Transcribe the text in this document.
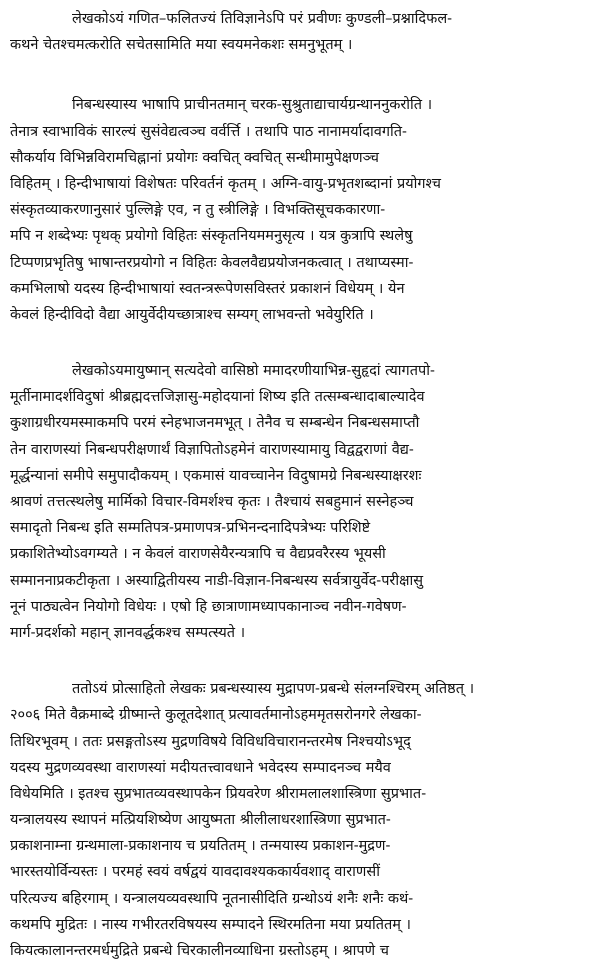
लेखकोऽयं गणित–फलितज्यं तिविज्ञानेऽपि परं प्रवीणः कुण्डली–प्रश्नादिफल-
कथने चेतश्चमत्करोति सचेतसामिति मया स्वयमनेकशः समनुभूतम् ।
निबन्धस्यास्य भाषापि प्राचीनतमान् चरक-सुश्रुताद्याचार्यग्रन्थाननुकरोति ।
तेनात्र स्वाभाविकं सारल्यं सुसंवेद्यत्वञ्च वर्वर्त्ति । तथापि पाठ नानामर्यादावगति-
सौकर्याय विभिन्नविरामचिह्नानां प्रयोगः क्वचित् क्वचित् सन्धीमामुपेक्षणञ्च
विहितम् । हिन्दीभाषायां विशेषतः परिवर्तनं कृतम् । अग्नि-वायु-प्रभृतशब्दानां प्रयोगश्च
संस्कृतव्याकरणानुसारं पुल्लिङ्गे एव, न तु स्त्रीलिङ्गे । विभक्तिसूचककारणा-
मपि न शब्देभ्यः पृथक् प्रयोगो विहितः संस्कृतनियममनुसृत्य । यत्र कुत्रापि स्थलेषु
टिप्पणप्रभृतिषु भाषान्तरप्रयोगो न विहितः केवलवैद्यप्रयोजनकत्वात् । तथाप्यस्मा-
कमभिलाषो यदस्य हिन्दीभाषायां स्वतन्त्ररूपेणसविस्तरं प्रकाशनं विधेयम् । येन
केवलं हिन्दीविदो वैद्या आयुर्वेदीयच्छात्राश्च सम्यग् लाभवन्तो भवेयुरिति ।
लेखकोऽयमायुष्मान् सत्यदेवो वासिष्ठो ममादरणीयाभिन्न-सुहृदां त्यागतपो-
मूर्तीनामादर्शविदुषां श्रीब्रह्मदत्तजिज्ञासु-महोदयानां शिष्य इति तत्सम्बन्धादाबाल्यादेव
कुशाग्रधीरयमस्माकमपि परमं स्नेहभाजनमभूत् । तेनैव च सम्बन्धेन निबन्धसमाप्तौ
तेन वाराणस्यां निबन्धपरीक्षणार्थं विज्ञापितोऽहमेनं वाराणस्यामायु विद्वद्वराणां वैद्य-
मूर्द्धन्यानां समीपे समुपादौकयम् । एकमासं यावच्चानेन विदुषामग्रे निबन्धस्याक्षरशः
श्रावणं तत्तत्स्थलेषु मार्मिको विचार-विमर्शश्च कृतः । तैश्चायं सबहुमानं सस्नेहञ्च
समादृतो निबन्ध इति सम्मतिपत्र-प्रमाणपत्र-प्रभिनन्दनादिपत्रेभ्यः परिशिष्टे
प्रकाशितेभ्योऽवगम्यते । न केवलं वाराणसेयैरन्यत्रापि च वैद्यप्रवरैरस्य भूयसी
सम्माननाप्रकटीकृता । अस्याद्वितीयस्य नाडी-विज्ञान-निबन्धस्य सर्वत्रायुर्वेद-परीक्षासु
नूनं पाठ्यत्वेन नियोगो विधेयः । एषो हि छात्राणामध्यापकानाञ्च नवीन-गवेषण-
मार्ग-प्रदर्शको महान् ज्ञानवर्द्धकश्च सम्पत्स्यते ।
ततोऽयं प्रोत्साहितो लेखकः प्रबन्धस्यास्य मुद्रापण-प्रबन्धे संलग्नश्चिरम् अतिष्ठत् ।
२००६ मिते वैक्रमाब्दे ग्रीष्मान्ते कुलूतदेशात् प्रत्यावर्तमानोऽहममृतसरोनगरे लेखका-
तिथिरभूवम् । ततः प्रसङ्गतोऽस्य मुद्रणविषये विविधविचारानन्तरमेष निश्चयोऽभूद्
यदस्य मुद्रणव्यवस्था वाराणस्यां मदीयतत्त्वावधाने भवेदस्य सम्पादनञ्च मयैव
विधेयमिति । इतश्च सुप्रभातव्यवस्थापकेन प्रियवरेण श्रीरामलालशास्त्रिणा सुप्रभात-
यन्त्रालयस्य स्थापनं मत्प्रियशिष्येण आयुष्मता श्रीलीलाधरशास्त्रिणा सुप्रभात-
प्रकाशनाम्ना ग्रन्थमाला-प्रकाशनाय च प्रयतितम् । तन्मयास्य प्रकाशन-मुद्रण-
भारस्तयोर्विन्यस्तः । परमहं स्वयं वर्षद्वयं यावदावश्यककार्यवशाद् वाराणसीं
परित्यज्य बहिरगाम् । यन्त्रालयव्यवस्थापि नूतनासीदिति ग्रन्थोऽयं शनैः शनैः कथं-
कथमपि मुद्रितः । नास्य गभीरतरविषयस्य सम्पादने स्थिरमतिना मया प्रयतितम् ।
कियत्कालानन्तरमर्धमुद्रिते प्रबन्धे चिरकालीनव्याधिना ग्रस्तोऽहम् । श्रापणे च
